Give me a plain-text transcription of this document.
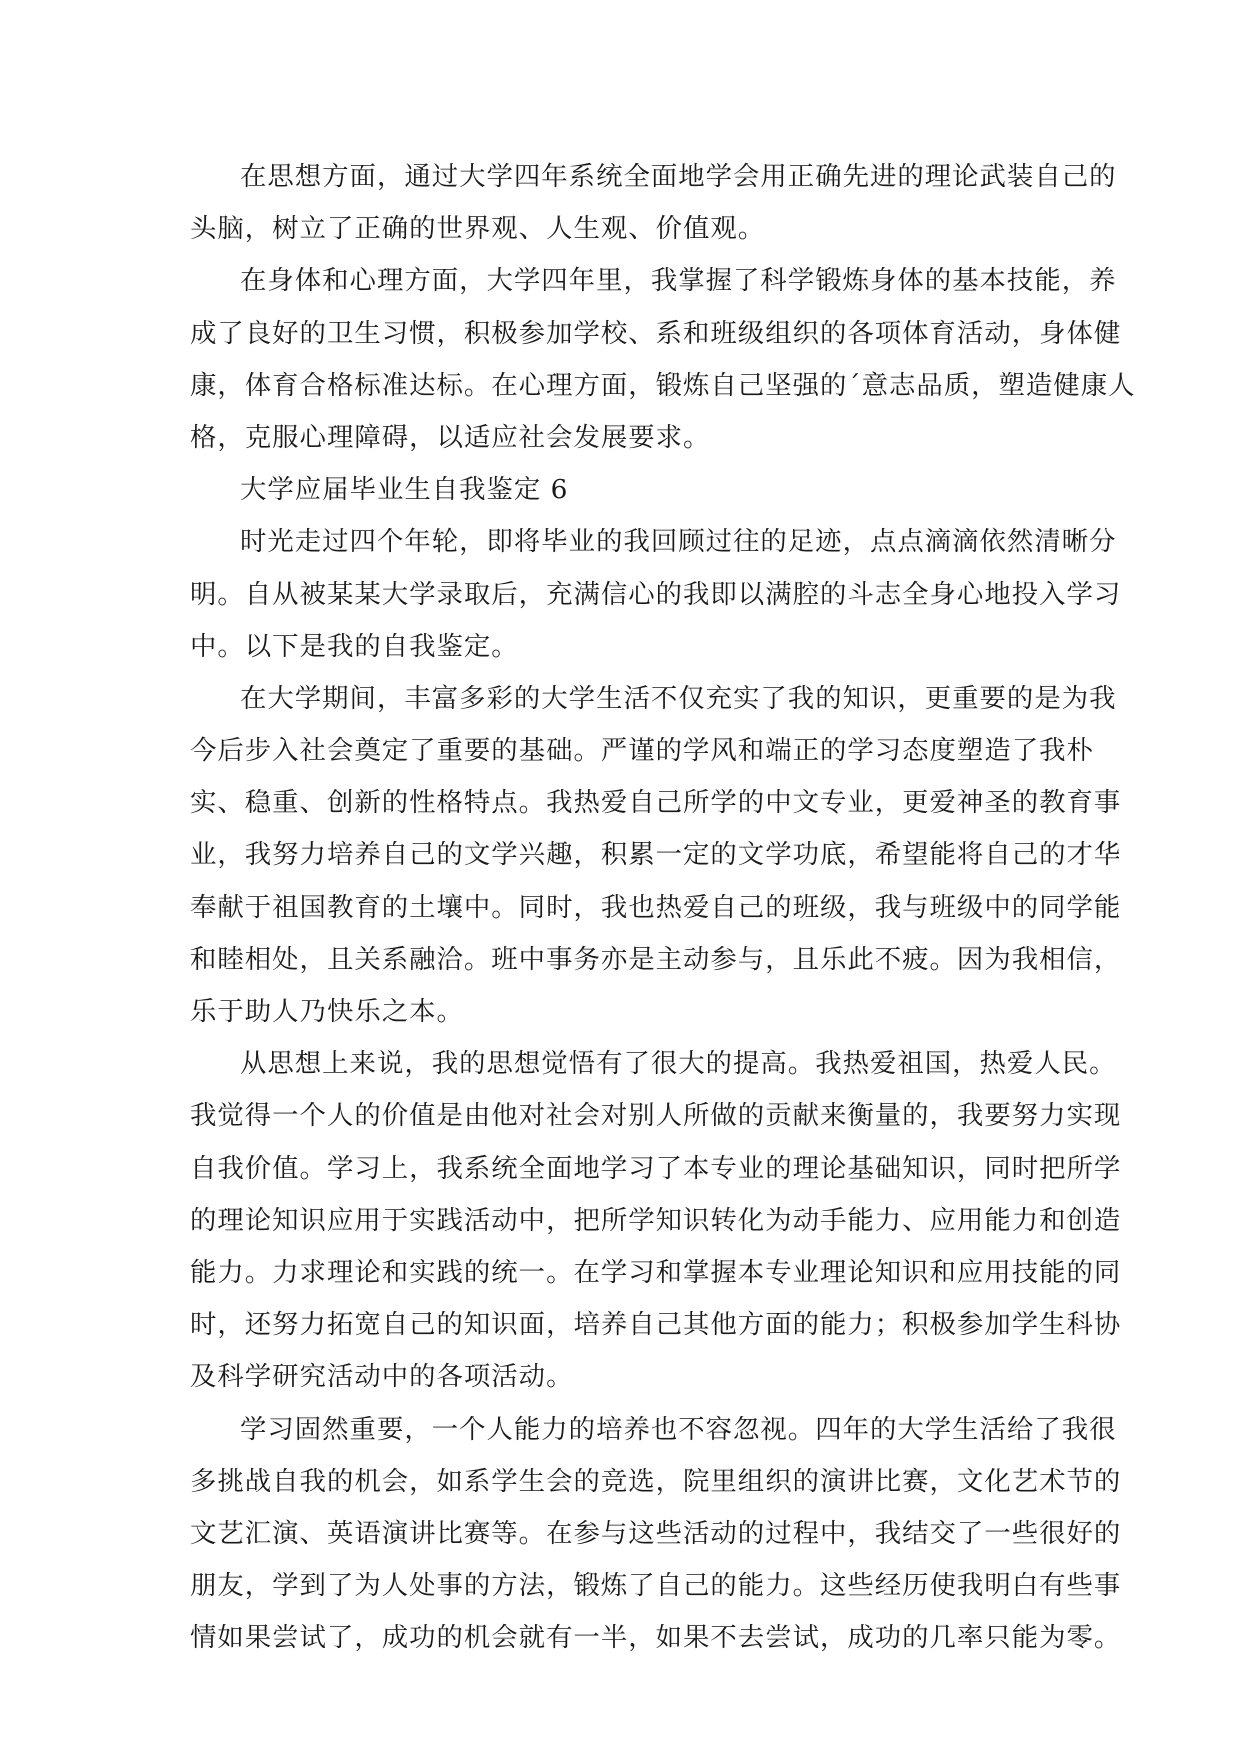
在思想方面，通过大学四年系统全面地学会用正确先进的理论武装自己的
头脑，树立了正确的世界观、人生观、价值观。
在身体和心理方面，大学四年里，我掌握了科学锻炼身体的基本技能，养
成了良好的卫生习惯，积极参加学校、系和班级组织的各项体育活动，身体健
康，体育合格标准达标。在心理方面，锻炼自己坚强的ˊ意志品质，塑造健康人
格，克服心理障碍，以适应社会发展要求。
大学应届毕业生自我鉴定 6
时光走过四个年轮，即将毕业的我回顾过往的足迹，点点滴滴依然清晰分
明。自从被某某大学录取后，充满信心的我即以满腔的斗志全身心地投入学习
中。以下是我的自我鉴定。
在大学期间，丰富多彩的大学生活不仅充实了我的知识，更重要的是为我
今后步入社会奠定了重要的基础。严谨的学风和端正的学习态度塑造了我朴
实、稳重、创新的性格特点。我热爱自己所学的中文专业，更爱神圣的教育事
业，我努力培养自己的文学兴趣，积累一定的文学功底，希望能将自己的才华
奉献于祖国教育的土壤中。同时，我也热爱自己的班级，我与班级中的同学能
和睦相处，且关系融洽。班中事务亦是主动参与，且乐此不疲。因为我相信，
乐于助人乃快乐之本。
从思想上来说，我的思想觉悟有了很大的提高。我热爱祖国，热爱人民。
我觉得一个人的价值是由他对社会对别人所做的贡献来衡量的，我要努力实现
自我价值。学习上，我系统全面地学习了本专业的理论基础知识，同时把所学
的理论知识应用于实践活动中，把所学知识转化为动手能力、应用能力和创造
能力。力求理论和实践的统一。在学习和掌握本专业理论知识和应用技能的同
时，还努力拓宽自己的知识面，培养自己其他方面的能力；积极参加学生科协
及科学研究活动中的各项活动。
学习固然重要，一个人能力的培养也不容忽视。四年的大学生活给了我很
多挑战自我的机会，如系学生会的竞选，院里组织的演讲比赛，文化艺术节的
文艺汇演、英语演讲比赛等。在参与这些活动的过程中，我结交了一些很好的
朋友，学到了为人处事的方法，锻炼了自己的能力。这些经历使我明白有些事
情如果尝试了，成功的机会就有一半，如果不去尝试，成功的几率只能为零。
